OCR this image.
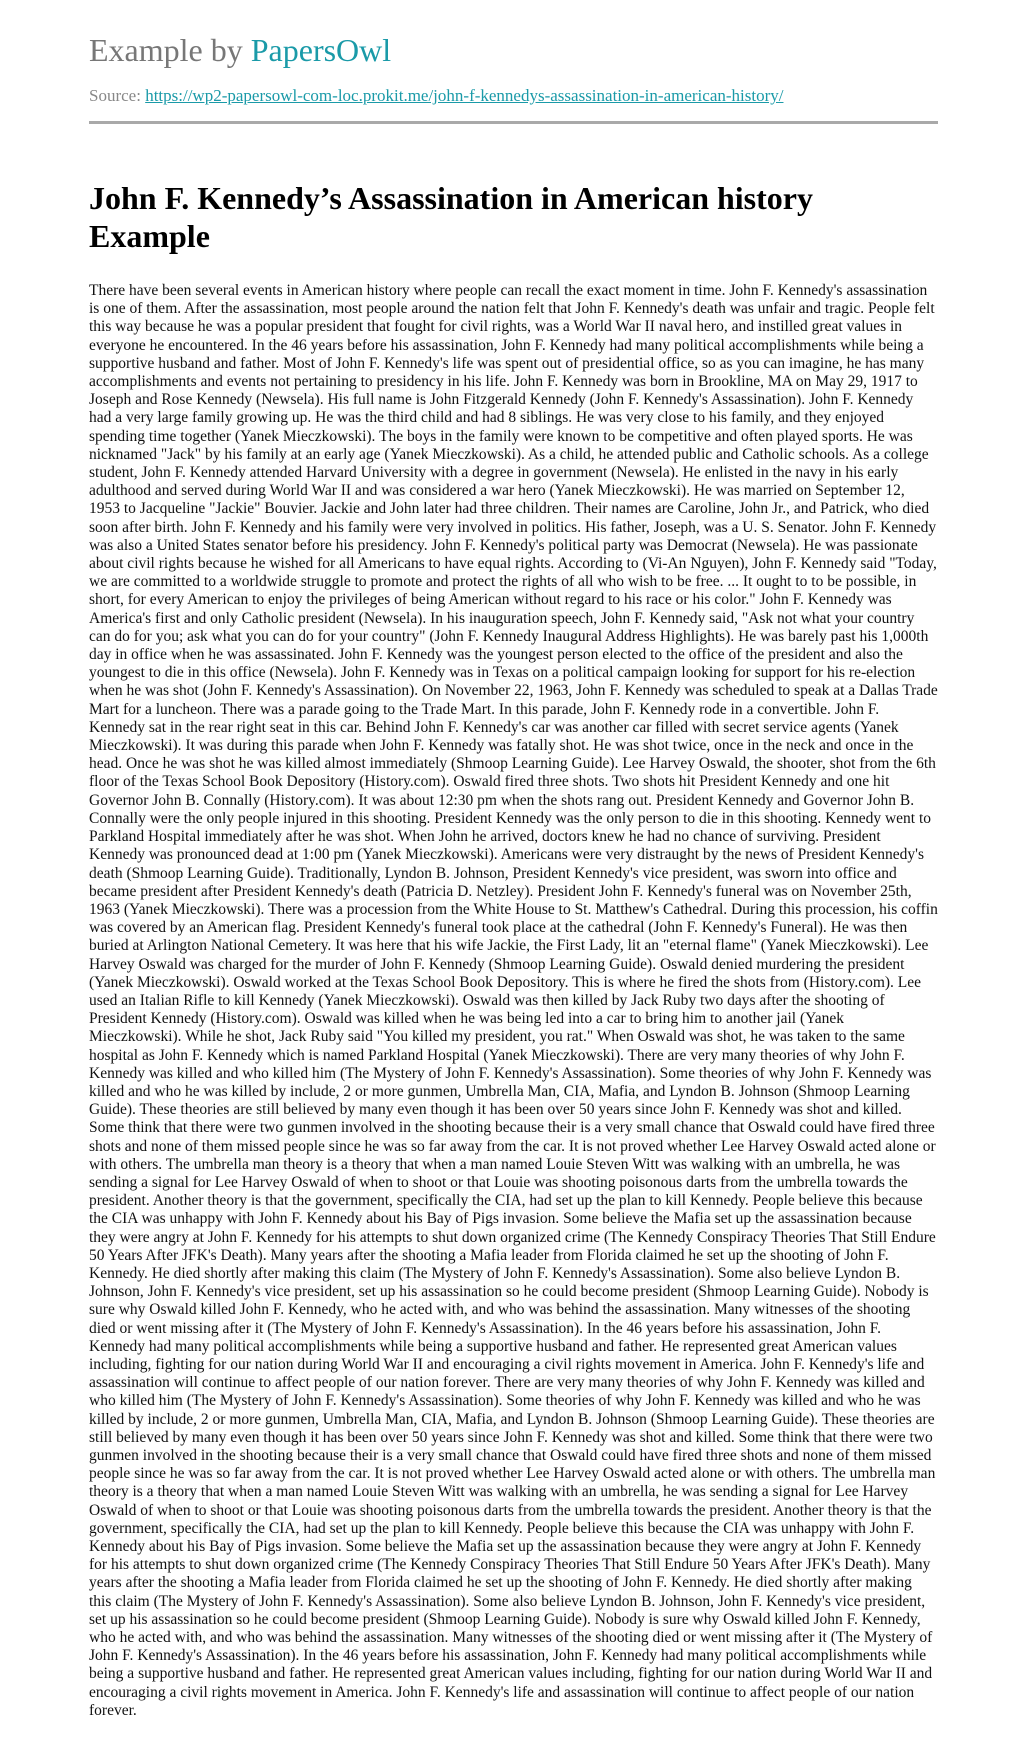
Example by PapersOwl
Source: https://wp2-papersowl-com-loc.prokit.me/john-f-kennedys-assassination-in-american-history/
John F. Kennedy’s Assassination in American history Example

There have been several events in American history where people can recall the exact moment in time. John F. Kennedy's assassination is one of them. After the assassination, most people around the nation felt that John F. Kennedy's death was unfair and tragic. People felt this way because he was a popular president that fought for civil rights, was a World War II naval hero, and instilled great values in everyone he encountered. In the 46 years before his assassination, John F. Kennedy had many political accomplishments while being a supportive husband and father. Most of John F. Kennedy's life was spent out of presidential office, so as you can imagine, he has many accomplishments and events not pertaining to presidency in his life. John F. Kennedy was born in Brookline, MA on May 29, 1917 to Joseph and Rose Kennedy (Newsela). His full name is John Fitzgerald Kennedy (John F. Kennedy's Assassination). John F. Kennedy had a very large family growing up. He was the third child and had 8 siblings. He was very close to his family, and they enjoyed spending time together (Yanek Mieczkowski). The boys in the family were known to be competitive and often played sports. He was nicknamed "Jack" by his family at an early age (Yanek Mieczkowski). As a child, he attended public and Catholic schools. As a college student, John F. Kennedy attended Harvard University with a degree in government (Newsela). He enlisted in the navy in his early adulthood and served during World War II and was considered a war hero (Yanek Mieczkowski). He was married on September 12, 1953 to Jacqueline "Jackie" Bouvier. Jackie and John later had three children. Their names are Caroline, John Jr., and Patrick, who died soon after birth. John F. Kennedy and his family were very involved in politics. His father, Joseph, was a U. S. Senator. John F. Kennedy was also a United States senator before his presidency. John F. Kennedy's political party was Democrat (Newsela). He was passionate about civil rights because he wished for all Americans to have equal rights. According to (Vi-An Nguyen), John F. Kennedy said "Today, we are committed to a worldwide struggle to promote and protect the rights of all who wish to be free. ... It ought to to be possible, in short, for every American to enjoy the privileges of being American without regard to his race or his color." John F. Kennedy was America's first and only Catholic president (Newsela). In his inauguration speech, John F. Kennedy said, "Ask not what your country can do for you; ask what you can do for your country" (John F. Kennedy Inaugural Address Highlights). He was barely past his 1,000th day in office when he was assassinated. John F. Kennedy was the youngest person elected to the office of the president and also the youngest to die in this office (Newsela). John F. Kennedy was in Texas on a political campaign looking for support for his re-election when he was shot (John F. Kennedy's Assassination). On November 22, 1963, John F. Kennedy was scheduled to speak at a Dallas Trade Mart for a luncheon. There was a parade going to the Trade Mart. In this parade, John F. Kennedy rode in a convertible. John F. Kennedy sat in the rear right seat in this car. Behind John F. Kennedy's car was another car filled with secret service agents (Yanek Mieczkowski). It was during this parade when John F. Kennedy was fatally shot. He was shot twice, once in the neck and once in the head. Once he was shot he was killed almost immediately (Shmoop Learning Guide). Lee Harvey Oswald, the shooter, shot from the 6th floor of the Texas School Book Depository (History.com). Oswald fired three shots. Two shots hit President Kennedy and one hit Governor John B. Connally (History.com). It was about 12:30 pm when the shots rang out. President Kennedy and Governor John B. Connally were the only people injured in this shooting. President Kennedy was the only person to die in this shooting. Kennedy went to Parkland Hospital immediately after he was shot. When John he arrived, doctors knew he had no chance of surviving. President Kennedy was pronounced dead at 1:00 pm (Yanek Mieczkowski). Americans were very distraught by the news of President Kennedy's death (Shmoop Learning Guide). Traditionally, Lyndon B. Johnson, President Kennedy's vice president, was sworn into office and became president after President Kennedy's death (Patricia D. Netzley). President John F. Kennedy's funeral was on November 25th, 1963 (Yanek Mieczkowski). There was a procession from the White House to St. Matthew's Cathedral. During this procession, his coffin was covered by an American flag. President Kennedy's funeral took place at the cathedral (John F. Kennedy's Funeral). He was then buried at Arlington National Cemetery. It was here that his wife Jackie, the First Lady, lit an "eternal flame" (Yanek Mieczkowski). Lee Harvey Oswald was charged for the murder of John F. Kennedy (Shmoop Learning Guide). Oswald denied murdering the president (Yanek Mieczkowski). Oswald worked at the Texas School Book Depository. This is where he fired the shots from (History.com). Lee used an Italian Rifle to kill Kennedy (Yanek Mieczkowski). Oswald was then killed by Jack Ruby two days after the shooting of President Kennedy (History.com). Oswald was killed when he was being led into a car to bring him to another jail (Yanek Mieczkowski). While he shot, Jack Ruby said "You killed my president, you rat." When Oswald was shot, he was taken to the same hospital as John F. Kennedy which is named Parkland Hospital (Yanek Mieczkowski). There are very many theories of why John F. Kennedy was killed and who killed him (The Mystery of John F. Kennedy's Assassination). Some theories of why John F. Kennedy was killed and who he was killed by include, 2 or more gunmen, Umbrella Man, CIA, Mafia, and Lyndon B. Johnson (Shmoop Learning Guide). These theories are still believed by many even though it has been over 50 years since John F. Kennedy was shot and killed. Some think that there were two gunmen involved in the shooting because their is a very small chance that Oswald could have fired three shots and none of them missed people since he was so far away from the car. It is not proved whether Lee Harvey Oswald acted alone or with others. The umbrella man theory is a theory that when a man named Louie Steven Witt was walking with an umbrella, he was sending a signal for Lee Harvey Oswald of when to shoot or that Louie was shooting poisonous darts from the umbrella towards the president. Another theory is that the government, specifically the CIA, had set up the plan to kill Kennedy. People believe this because the CIA was unhappy with John F. Kennedy about his Bay of Pigs invasion. Some believe the Mafia set up the assassination because they were angry at John F. Kennedy for his attempts to shut down organized crime (The Kennedy Conspiracy Theories That Still Endure 50 Years After JFK's Death). Many years after the shooting a Mafia leader from Florida claimed he set up the shooting of John F. Kennedy. He died shortly after making this claim (The Mystery of John F. Kennedy's Assassination). Some also believe Lyndon B. Johnson, John F. Kennedy's vice president, set up his assassination so he could become president (Shmoop Learning Guide). Nobody is sure why Oswald killed John F. Kennedy, who he acted with, and who was behind the assassination. Many witnesses of the shooting died or went missing after it (The Mystery of John F. Kennedy's Assassination). In the 46 years before his assassination, John F. Kennedy had many political accomplishments while being a supportive husband and father. He represented great American values including, fighting for our nation during World War II and encouraging a civil rights movement in America. John F. Kennedy's life and assassination will continue to affect people of our nation forever. There are very many theories of why John F. Kennedy was killed and who killed him (The Mystery of John F. Kennedy's Assassination). Some theories of why John F. Kennedy was killed and who he was killed by include, 2 or more gunmen, Umbrella Man, CIA, Mafia, and Lyndon B. Johnson (Shmoop Learning Guide). These theories are still believed by many even though it has been over 50 years since John F. Kennedy was shot and killed. Some think that there were two gunmen involved in the shooting because their is a very small chance that Oswald could have fired three shots and none of them missed people since he was so far away from the car. It is not proved whether Lee Harvey Oswald acted alone or with others. The umbrella man theory is a theory that when a man named Louie Steven Witt was walking with an umbrella, he was sending a signal for Lee Harvey Oswald of when to shoot or that Louie was shooting poisonous darts from the umbrella towards the president. Another theory is that the government, specifically the CIA, had set up the plan to kill Kennedy. People believe this because the CIA was unhappy with John F. Kennedy about his Bay of Pigs invasion. Some believe the Mafia set up the assassination because they were angry at John F. Kennedy for his attempts to shut down organized crime (The Kennedy Conspiracy Theories That Still Endure 50 Years After JFK's Death). Many years after the shooting a Mafia leader from Florida claimed he set up the shooting of John F. Kennedy. He died shortly after making this claim (The Mystery of John F. Kennedy's Assassination). Some also believe Lyndon B. Johnson, John F. Kennedy's vice president, set up his assassination so he could become president (Shmoop Learning Guide). Nobody is sure why Oswald killed John F. Kennedy, who he acted with, and who was behind the assassination. Many witnesses of the shooting died or went missing after it (The Mystery of John F. Kennedy's Assassination). In the 46 years before his assassination, John F. Kennedy had many political accomplishments while being a supportive husband and father. He represented great American values including, fighting for our nation during World War II and encouraging a civil rights movement in America. John F. Kennedy's life and assassination will continue to affect people of our nation forever.
